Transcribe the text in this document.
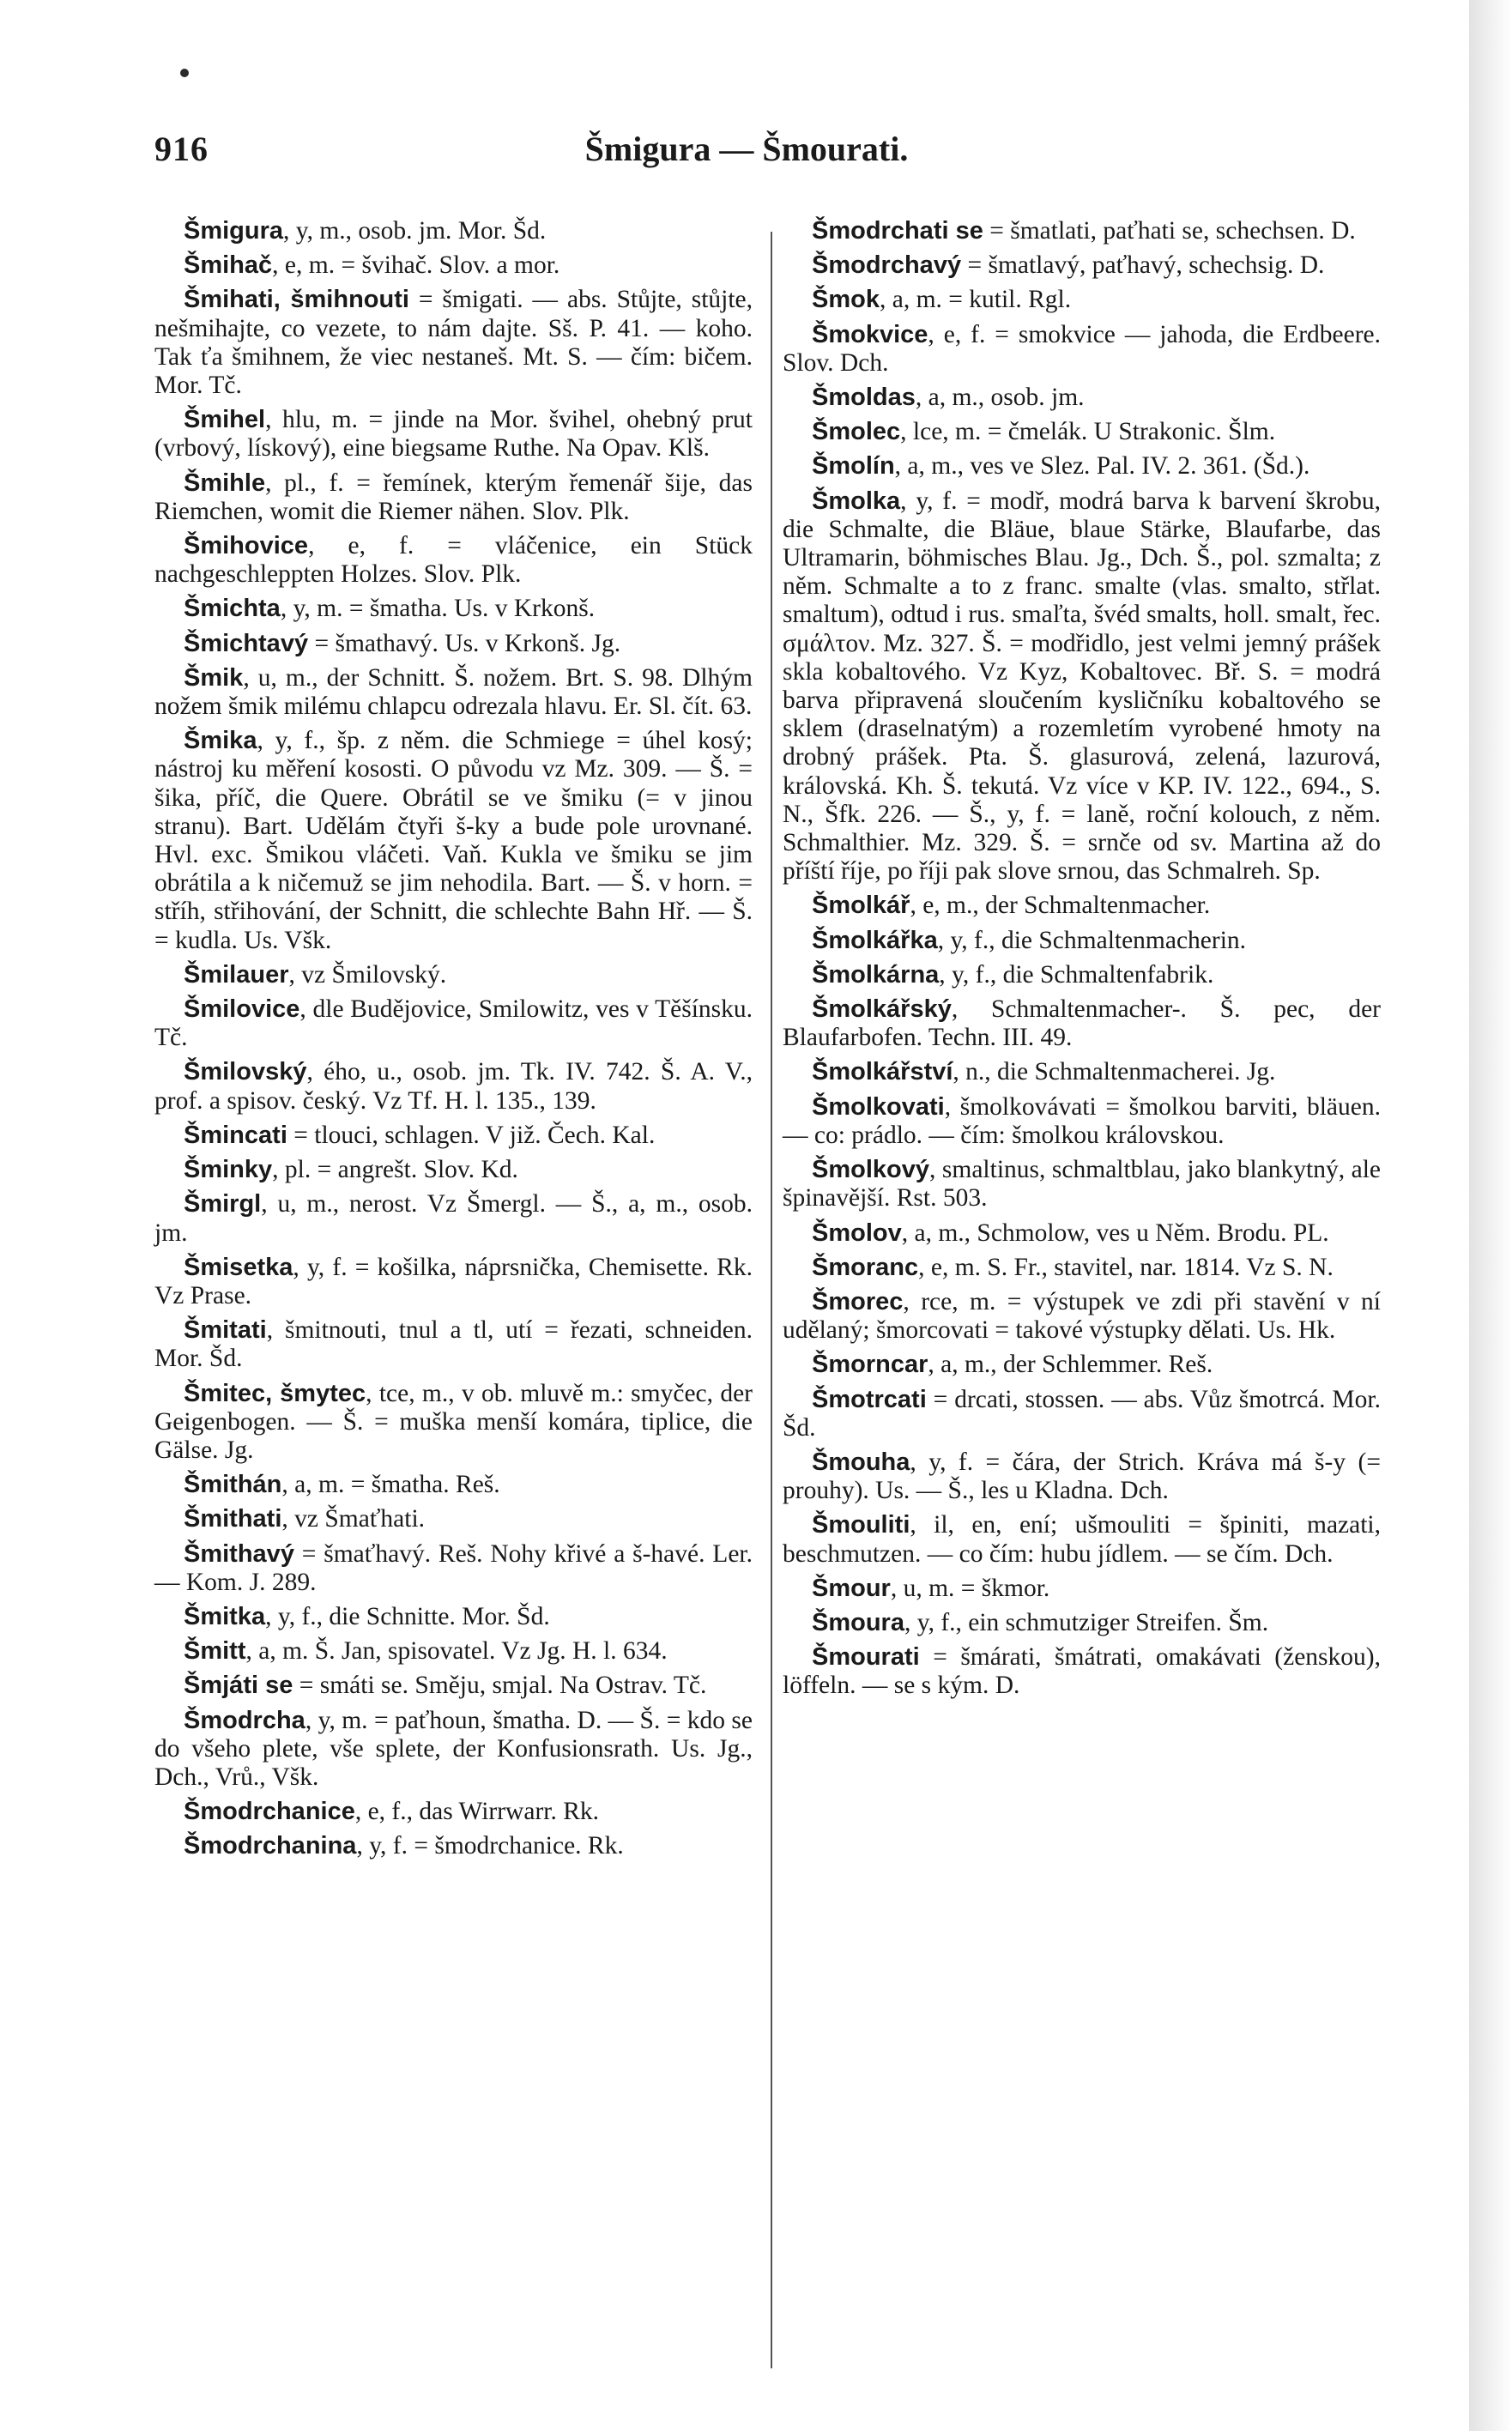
916	Šmigura — Šmourati.

Šmigura, y, m., osob. jm. Mor. Šd.

Šmihač, e, m. = švihač. Slov. a mor.

Šmihati, šmihnouti = šmigati. — abs. Stůjte, stůjte, nešmihajte, co vezete, to nám dajte. Sš. P. 41. — koho. Tak ťa šmihnem, že viec nestaneš. Mt. S. — čím: bičem. Mor. Tč.

Šmihel, hlu, m. = jinde na Mor. švihel, ohebný prut (vrbový, lískový), eine biegsame Ruthe. Na Opav. Klš.

Šmihle, pl., f. = řemínek, kterým řemenář šije, das Riemchen, womit die Riemer nähen. Slov. Plk.

Šmihovice, e, f. = vláčenice, ein Stück nachgeschleppten Holzes. Slov. Plk.

Šmichta, y, m. = šmatha. Us. v Krkonš.

Šmichtavý = šmathavý. Us. v Krkonš. Jg.

Šmik, u, m., der Schnitt. Š. nožem. Brt. S. 98. Dlhým nožem šmik milému chlapcu odrezala hlavu. Er. Sl. čít. 63.

Šmika, y, f., šp. z něm. die Schmiege = úhel kosý; nástroj ku měření kososti. O původu vz Mz. 309. — Š. = šika, příč, die Quere. Obrátil se ve šmiku (= v jinou stranu). Bart. Udělám čtyři š-ky a bude pole urovnané. Hvl. exc. Šmikou vláčeti. Vaň. Kukla ve šmiku se jim obrátila a k ničemuž se jim nehodila. Bart. — Š. v horn. = stříh, střihování, der Schnitt, die schlechte Bahn Hř. — Š. = kudla. Us. Všk.

Šmilauer, vz Šmilovský.

Šmilovice, dle Budějovice, Smilowitz, ves v Těšínsku. Tč.

Šmilovský, ého, u., osob. jm. Tk. IV. 742. Š. A. V., prof. a spisov. český. Vz Tf. H. l. 135., 139.

Šmincati = tlouci, schlagen. V již. Čech. Kal.

Šminky, pl. = angrešt. Slov. Kd.

Šmirgl, u, m., nerost. Vz Šmergl. — Š., a, m., osob. jm.

Šmisetka, y, f. = košilka, náprsnička, Chemisette. Rk. Vz Prase.

Šmitati, šmitnouti, tnul a tl, utí = řezati, schneiden. Mor. Šd.

Šmitec, šmytec, tce, m., v ob. mluvě m.: smyčec, der Geigenbogen. — Š. = muška menší komára, tiplice, die Gälse. Jg.

Šmithán, a, m. = šmatha. Reš.

Šmithati, vz Šmaťhati.

Šmithavý = šmaťhavý. Reš. Nohy křivé a š-havé. Ler. — Kom. J. 289.

Šmitka, y, f., die Schnitte. Mor. Šd.

Šmitt, a, m. Š. Jan, spisovatel. Vz Jg. H. l. 634.

Šmjáti se = smáti se. Směju, smjal. Na Ostrav. Tč.

Šmodrcha, y, m. = paťhoun, šmatha. D. — Š. = kdo se do všeho plete, vše splete, der Konfusionsrath. Us. Jg., Dch., Vrů., Všk.

Šmodrchanice, e, f., das Wirrwarr. Rk.

Šmodrchanina, y, f. = šmodrchanice. Rk.

Šmodrchati se = šmatlati, paťhati se, schechsen. D.

Šmodrchavý = šmatlavý, paťhavý, schechsig. D.

Šmok, a, m. = kutil. Rgl.

Šmokvice, e, f. = smokvice — jahoda, die Erdbeere. Slov. Dch.

Šmoldas, a, m., osob. jm.

Šmolec, lce, m. = čmelák. U Strakonic. Šlm.

Šmolín, a, m., ves ve Slez. Pal. IV. 2. 361. (Šd.).

Šmolka, y, f. = modř, modrá barva k barvení škrobu, die Schmalte, die Bläue, blaue Stärke, Blaufarbe, das Ultramarin, böhmisches Blau. Jg., Dch. Š., pol. szmalta; z něm. Schmalte a to z franc. smalte (vlas. smalto, střlat. smaltum), odtud i rus. smaľta, švéd smalts, holl. smalt, řec. σμάλτον. Mz. 327. Š. = modřidlo, jest velmi jemný prášek skla kobaltového. Vz Kyz, Kobaltovec. Bř. S. = modrá barva připravená sloučením kysličníku kobaltového se sklem (draselnatým) a rozemletím vyrobené hmoty na drobný prášek. Pta. Š. glasurová, zelená, lazurová, královská. Kh. Š. tekutá. Vz více v KP. IV. 122., 694., S. N., Šfk. 226. — Š., y, f. = laně, roční kolouch, z něm. Schmalthier. Mz. 329. Š. = srnče od sv. Martina až do příští říje, po říji pak slove srnou, das Schmalreh. Sp.

Šmolkář, e, m., der Schmaltenmacher.

Šmolkářka, y, f., die Schmaltenmacherin.

Šmolkárna, y, f., die Schmaltenfabrik.

Šmolkářský, Schmaltenmacher-. Š. pec, der Blaufarbofen. Techn. III. 49.

Šmolkářství, n., die Schmaltenmacherei. Jg.

Šmolkovati, šmolkovávati = šmolkou barviti, bläuen. — co: prádlo. — čím: šmolkou královskou.

Šmolkový, smaltinus, schmaltblau, jako blankytný, ale špinavější. Rst. 503.

Šmolov, a, m., Schmolow, ves u Něm. Brodu. PL.

Šmoranc, e, m. S. Fr., stavitel, nar. 1814. Vz S. N.

Šmorec, rce, m. = výstupek ve zdi při stavění v ní udělaný; šmorcovati = takové výstupky dělati. Us. Hk.

Šmorncar, a, m., der Schlemmer. Reš.

Šmotrcati = drcati, stossen. — abs. Vůz šmotrcá. Mor. Šd.

Šmouha, y, f. = čára, der Strich. Kráva má š-y (= prouhy). Us. — Š., les u Kladna. Dch.

Šmouliti, il, en, ení; ušmouliti = špiniti, mazati, beschmutzen. — co čím: hubu jídlem. — se čím. Dch.

Šmour, u, m. = škmor.

Šmoura, y, f., ein schmutziger Streifen. Šm.

Šmourati = šmárati, šmátrati, omakávati (ženskou), löffeln. — se s kým. D.
